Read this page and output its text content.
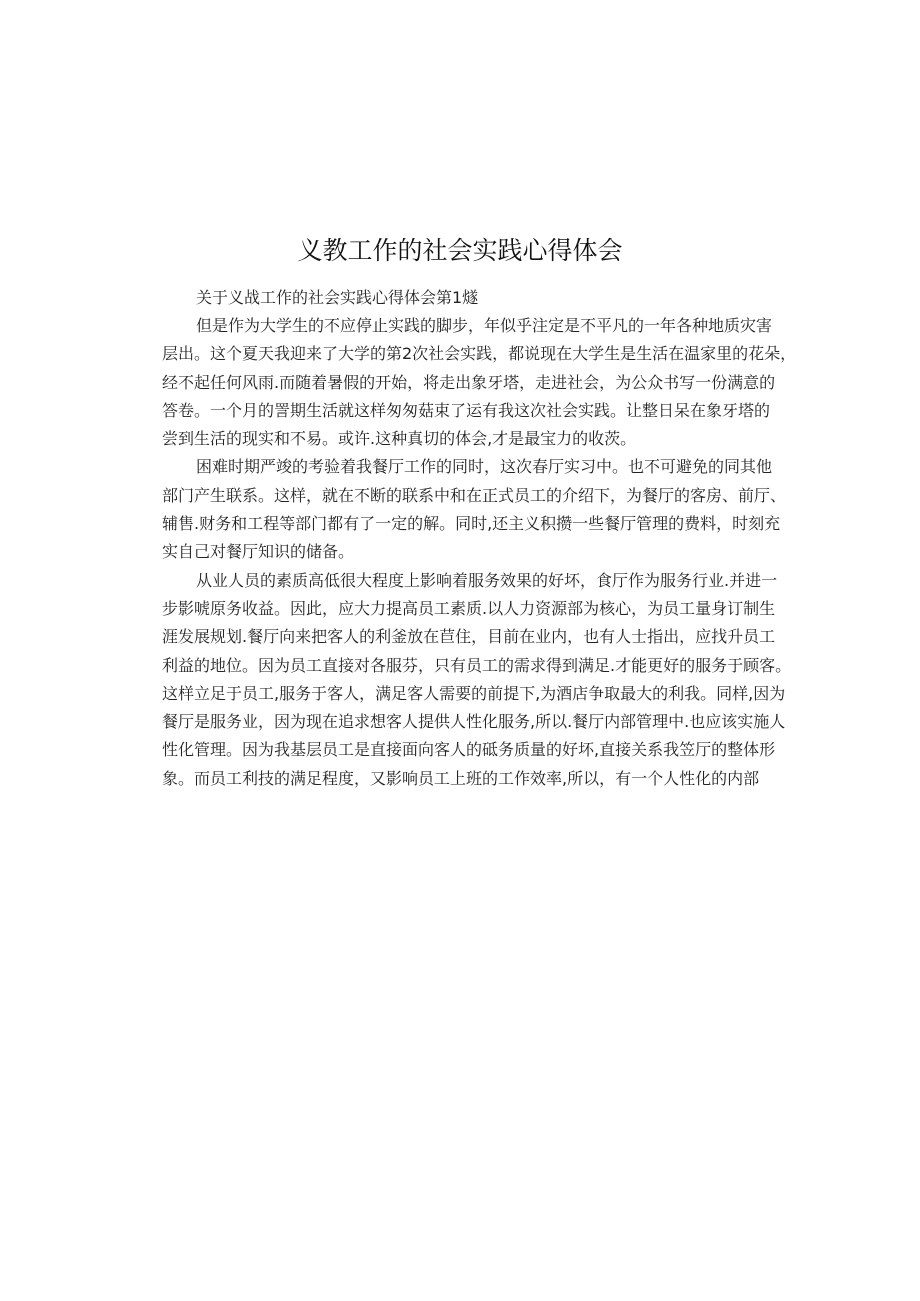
义教工作的社会实践心得体会

关于义战工作的社会实践心得体会第1燧

但是作为大学生的不应停止实践的脚步，年似乎注定是不平凡的一年各种地质灾害
层出。这个夏天我迎来了大学的第2次社会实践，都说现在大学生是生活在温家里的花朵，
经不起任何风雨.而随着暑假的开始，将走出象牙塔，走进社会，为公众书写一份满意的
答卷。一个月的詈期生活就这样匆匆菇束了运有我这次社会实践。让整日呆在象牙塔的
尝到生活的现实和不易。或许.这种真切的体会,才是最宝力的收茨。

困难时期严竣的考验着我餐厅工作的同时，这次春厅实习中。也不可避免的同其他
部门产生联系。这样，就在不断的联系中和在正式员工的介绍下，为餐厅的客房、前厅、
辅售.财务和工程等部门都有了一定的解。同时,还主义积攒一些餐厅管理的费料，时刻充
实自己对餐厅知识的储备。

从业人员的素质高低很大程度上影响着服务效果的好坏，食厅作为服务行业.并进一
步影唬原务收益。因此，应大力提高员工素质.以人力资源部为核心，为员工量身订制生
涯发展规划.餐厅向来把客人的利釜放在苣住，目前在业内，也有人士指出，应找升员工
利益的地位。因为员工直接对各服芬，只有员工的需求得到满足.才能更好的服务于顾客。
这样立足于员工,服务于客人，满足客人需要的前提下,为酒店争取最大的利我。同样,因为
餐厅是服务业，因为现在追求想客人提供人性化服务,所以.餐厅内部管理中.也应该实施人
性化管理。因为我基层员工是直接面向客人的砥务质量的好坏,直接关系我笠厅的整体形
象。而员工利技的满足程度，又影响员工上班的工作效率,所以，有一个人性化的内部
